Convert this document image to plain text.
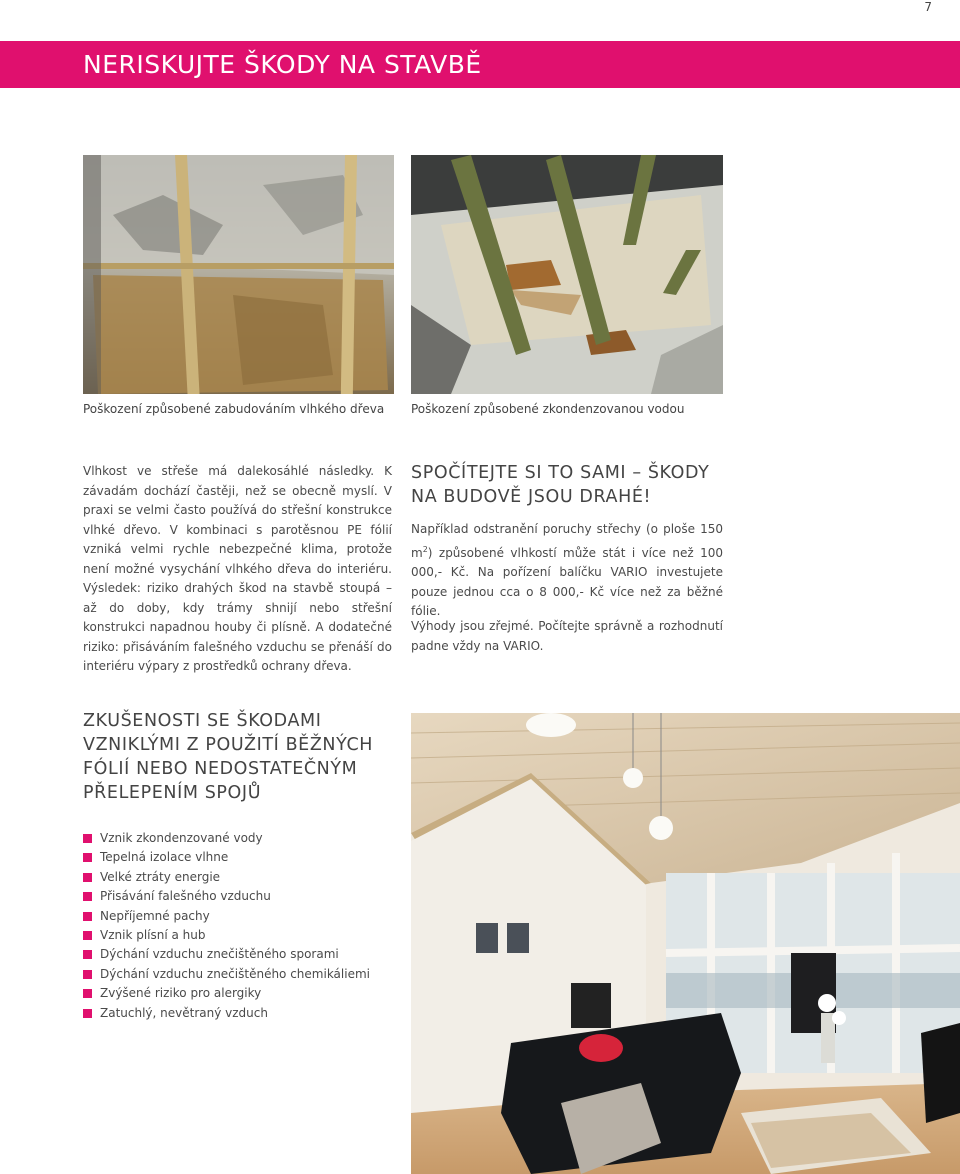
7
NERISKUJTE ŠKODY NA STAVBĚ
Poškození způsobené zabudováním vlhkého dřeva Poškození způsobené zkondenzovanou vodou
Vlhkost ve střeše má dalekosáhlé následky. K závadám dochází častěji, než se obecně myslí. V praxi se velmi často používá do střešní konstrukce vlhké dřevo. V kombinaci s parotěsnou PE fólií vzniká velmi rychle nebezpečné klima, protože není možné vysychání vlhkého dřeva do interiéru. Výsledek: riziko drahých škod na stavbě stoupá – až do doby, kdy trámy shnijí nebo střešní konstrukci napadnou houby či plísně. A dodatečné riziko: přisáváním falešného vzduchu se přenáší do interiéru výpary z prostředků ochrany dřeva.
SPOČÍTEJTE SI TO SAMI – ŠKODY
NA BUDOVĚ JSOU DRAHÉ!

Například odstranění poruchy střechy (o ploše 150 $m^2$) způsobené vlhkostí může stát i více než 100 000,- Kč. Na pořízení balíčku VARIO investujete pouze jednou cca o 8 000,- Kč více než za běžné fólie.

Výhody jsou zřejmé. Počítejte správně a rozhodnutí padne vždy na VARIO.

ZKUŠENOSTI SE ŠKODAMI
VZNIKLÝMI Z POUŽITÍ BĚŽNÝCH
FÓLIÍ NEBO NEDOSTATEČNÝM
PŘELEPENÍM SPOJŮ
Vznik zkondenzované vody
Tepelná izolace vlhne
Velké ztráty energie
Přisávání falešného vzduchu
Nepříjemné pachy
Vznik plísní a hub
Dýchání vzduchu znečištěného sporami
Dýchání vzduchu znečištěného chemikáliemi
Zvýšené riziko pro alergiky
Zatuchlý, nevětraný vzduch
